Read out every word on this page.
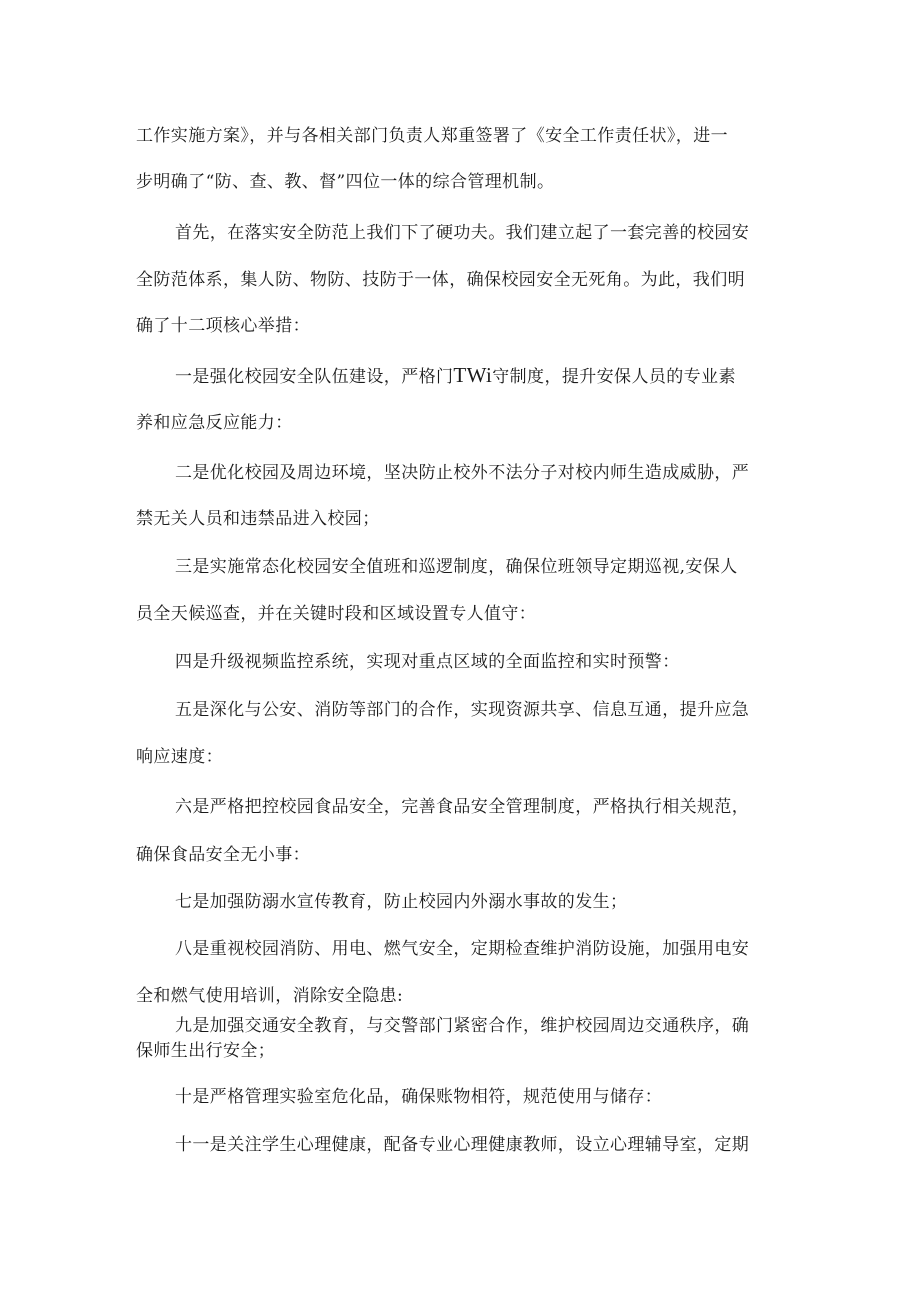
工作实施方案》，并与各相关部门负责人郑重签署了《安全工作责任状》，进一
步明确了“防、查、教、督”四位一体的综合管理机制。
首先，在落实安全防范上我们下了硬功夫。我们建立起了一套完善的校园安
全防范体系，集人防、物防、技防于一体，确保校园安全无死角。为此，我们明
确了十二项核心举措：
一是强化校园安全队伍建设，严格门TWi守制度，提升安保人员的专业素
养和应急反应能力：
二是优化校园及周边环境，坚决防止校外不法分子对校内师生造成威胁，严
禁无关人员和违禁品进入校园；
三是实施常态化校园安全值班和巡逻制度，确保位班领导定期巡视,安保人
员全天候巡查，并在关键时段和区域设置专人值守：
四是升级视频监控系统，实现对重点区域的全面监控和实时预警：
五是深化与公安、消防等部门的合作，实现资源共享、信息互通，提升应急
响应速度：
六是严格把控校园食品安全，完善食品安全管理制度，严格执行相关规范，
确保食品安全无小事：
七是加强防溺水宣传教育，防止校园内外溺水事故的发生；
八是重视校园消防、用电、燃气安全，定期检查维护消防设施，加强用电安
全和燃气使用培训，消除安全隐患:
九是加强交通安全教育，与交警部门紧密合作，维护校园周边交通秩序，确
保师生出行安全；
十是严格管理实验室危化品，确保账物相符，规范使用与储存：
十一是关注学生心理健康，配备专业心理健康教师，设立心理辅导室，定期
